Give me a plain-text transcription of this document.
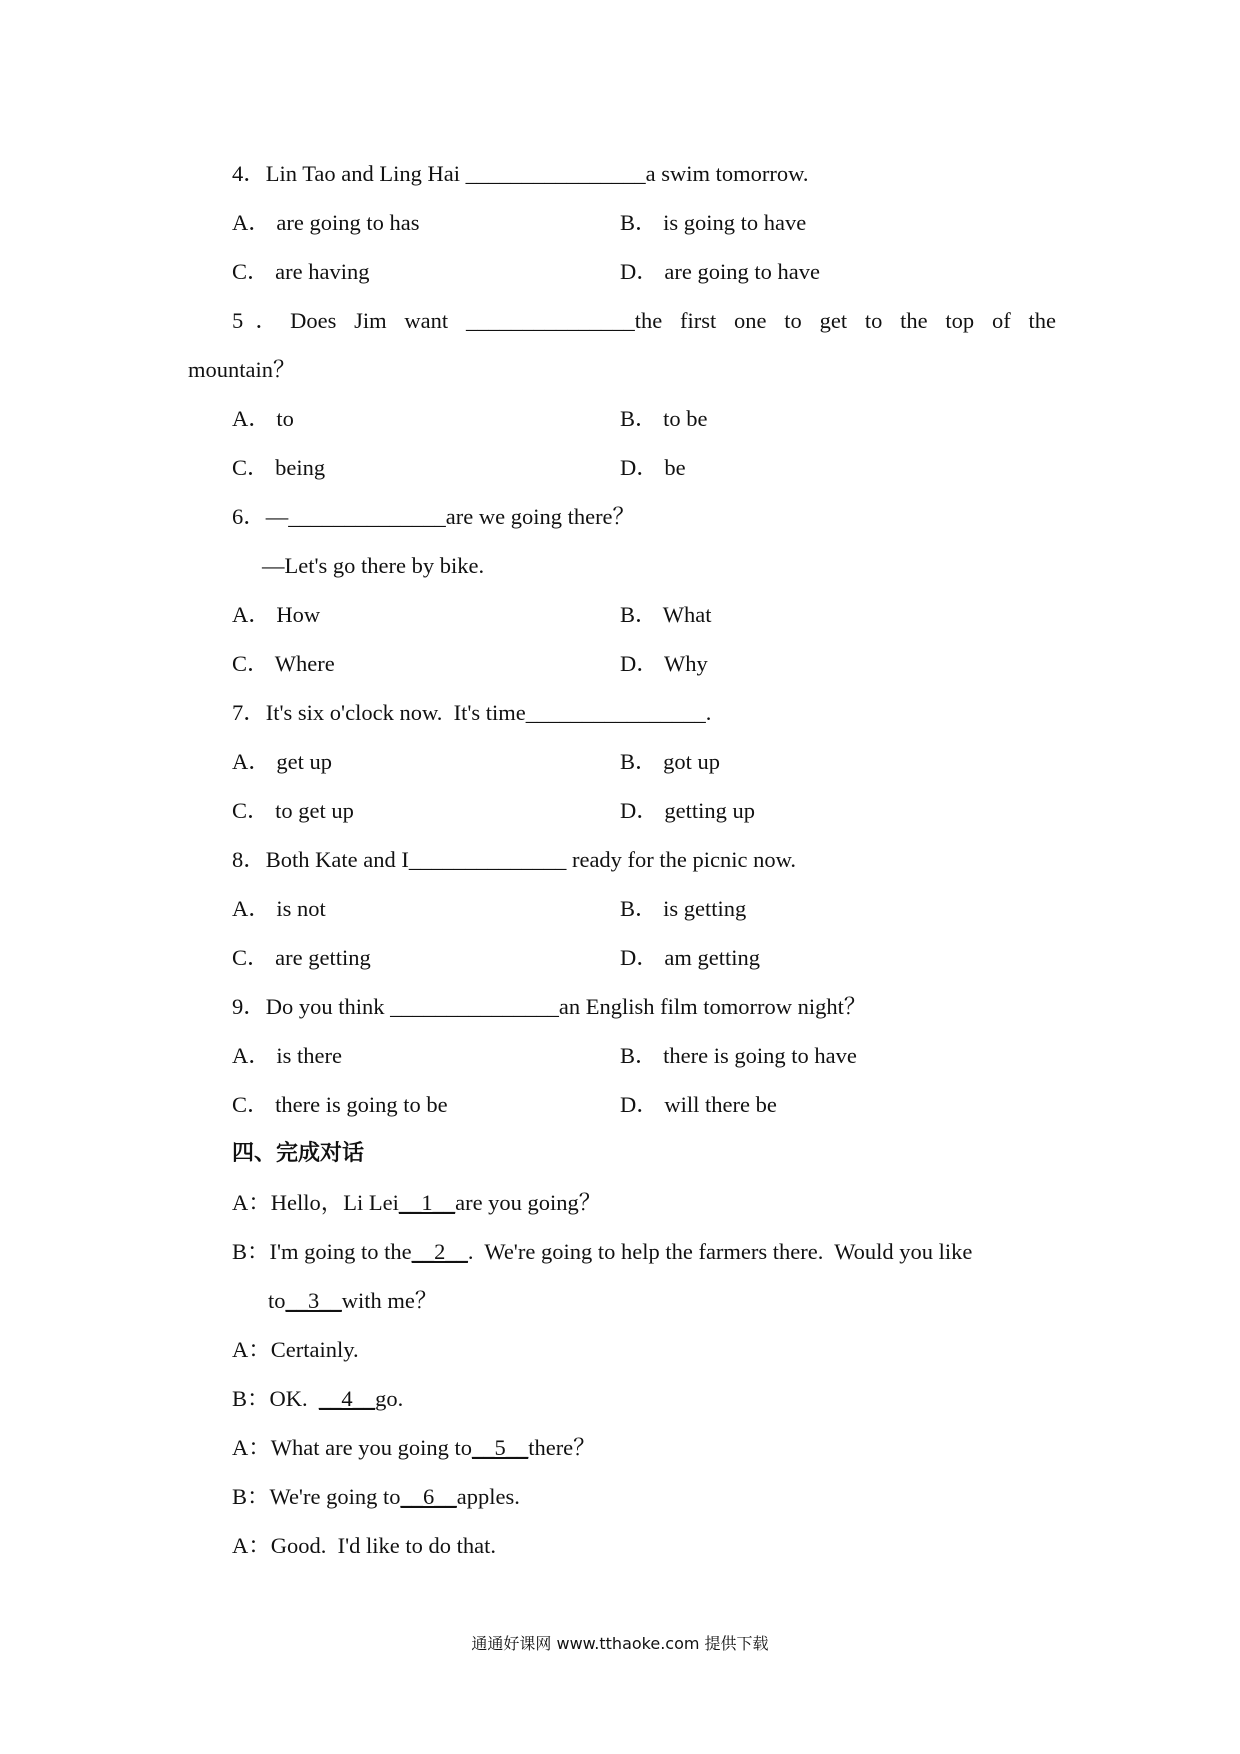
4．Lin Tao and Ling Hai ________________a swim tomorrow.
A． are going to has	B． is going to have
C． are having	D． are going to have
5．Does Jim want _______________the first one to get to the top of the
mountain？
A． to	B． to be
C． being	D． be
6．—______________are we going there？
—Let's go there by bike.
A． How	B． What
C． Where	D． Why
7．It's six o'clock now.  It's time________________.
A． get up	B． got up
C． to get up	D． getting up
8．Both Kate and I______________ ready for the picnic now.
A． is not	B． is getting
C． are getting	D． am getting
9．Do you think _______________an English film tomorrow night？
A． is there	B． there is going to have
C． there is going to be	D． will there be
四、完成对话
A：Hello，Li Lei__1__are you going？
B：I'm going to the__2__.  We're going to help the farmers there.  Would you like
to__3__with me？
A：Certainly.
B：OK.  __4__go.
A：What are you going to__5__there？
B：We're going to__6__apples.
A：Good.  I'd like to do that.
通通好课网 www.tthaoke.com 提供下载
